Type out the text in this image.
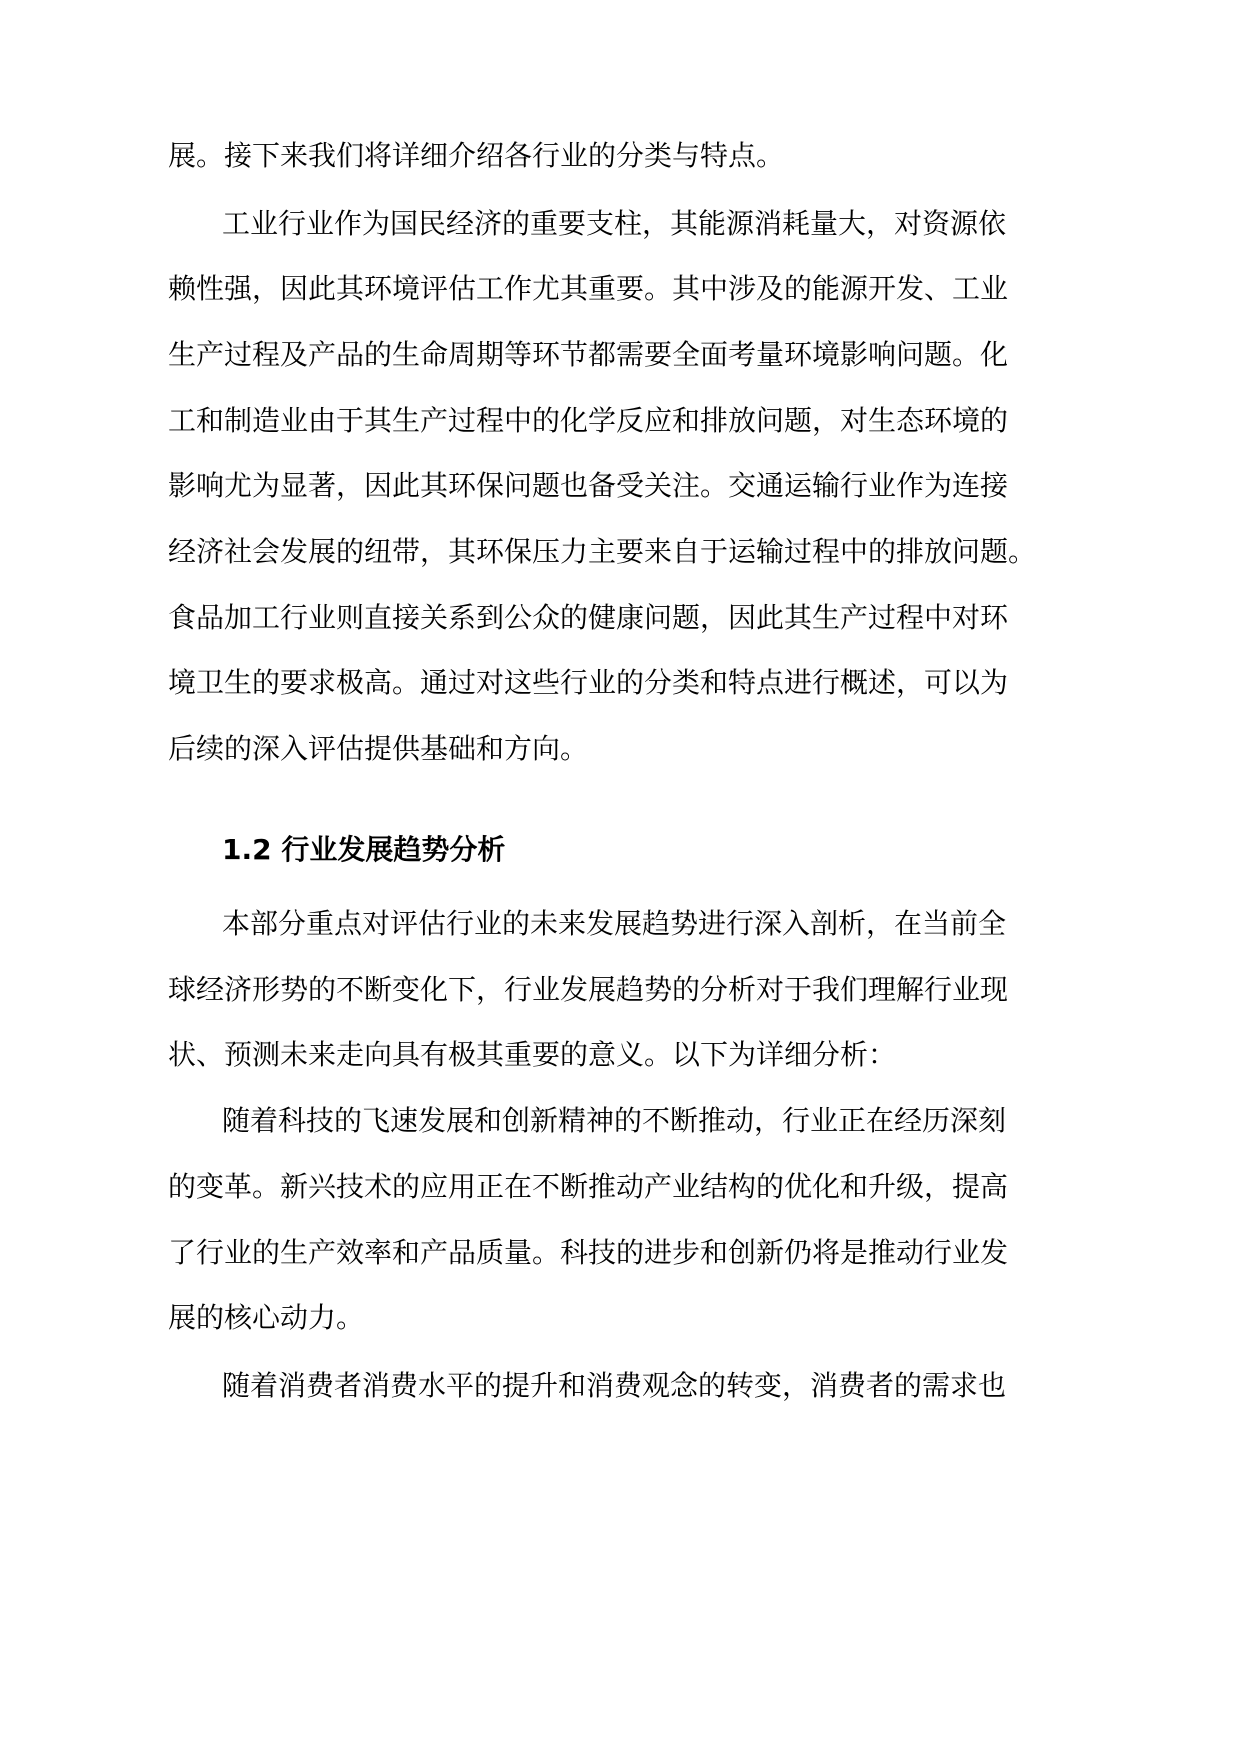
展。接下来我们将详细介绍各行业的分类与特点。
工业行业作为国民经济的重要支柱，其能源消耗量大，对资源依
赖性强，因此其环境评估工作尤其重要。其中涉及的能源开发、工业
生产过程及产品的生命周期等环节都需要全面考量环境影响问题。化
工和制造业由于其生产过程中的化学反应和排放问题，对生态环境的
影响尤为显著，因此其环保问题也备受关注。交通运输行业作为连接
经济社会发展的纽带，其环保压力主要来自于运输过程中的排放问题。
食品加工行业则直接关系到公众的健康问题，因此其生产过程中对环
境卫生的要求极高。通过对这些行业的分类和特点进行概述，可以为
后续的深入评估提供基础和方向。
1.2 行业发展趋势分析
本部分重点对评估行业的未来发展趋势进行深入剖析，在当前全
球经济形势的不断变化下，行业发展趋势的分析对于我们理解行业现
状、预测未来走向具有极其重要的意义。以下为详细分析：
随着科技的飞速发展和创新精神的不断推动，行业正在经历深刻
的变革。新兴技术的应用正在不断推动产业结构的优化和升级，提高
了行业的生产效率和产品质量。科技的进步和创新仍将是推动行业发
展的核心动力。
随着消费者消费水平的提升和消费观念的转变，消费者的需求也
